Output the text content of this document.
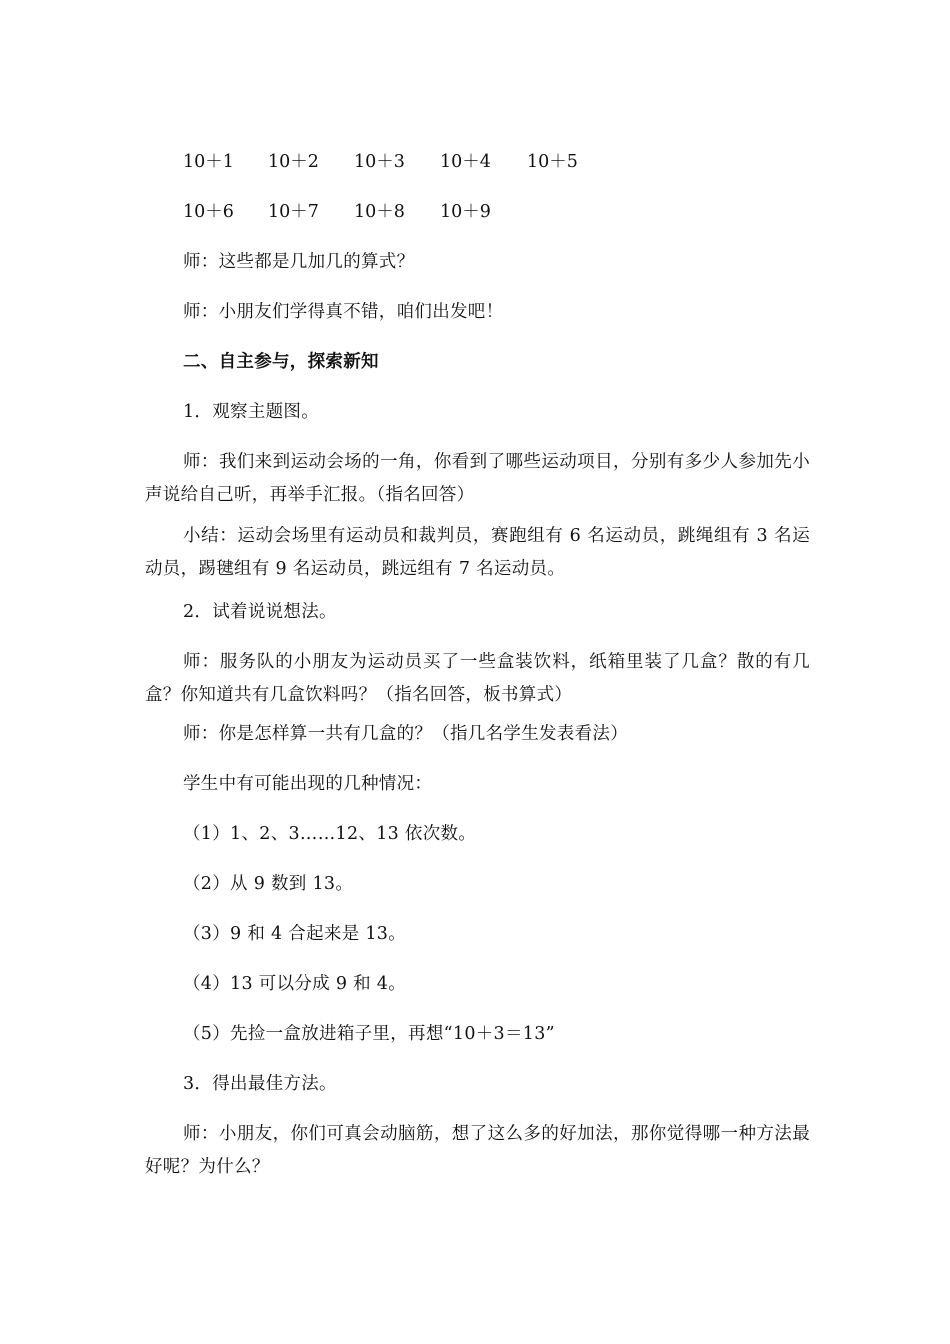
10＋1 10＋2 10＋3 10＋4 10＋5
10＋6 10＋7 10＋8 10＋9
师：这些都是几加几的算式？
师：小朋友们学得真不错，咱们出发吧！
二、自主参与，探索新知
1．观察主题图。
师：我们来到运动会场的一角，你看到了哪些运动项目，分别有多少人参加先小声说给自己听，再举手汇报。（指名回答）
小结：运动会场里有运动员和裁判员，赛跑组有 6 名运动员，跳绳组有 3 名运动员，踢毽组有 9 名运动员，跳远组有 7 名运动员。
2．试着说说想法。
师：服务队的小朋友为运动员买了一些盒装饮料，纸箱里装了几盒？散的有几盒？你知道共有几盒饮料吗？（指名回答，板书算式）
师：你是怎样算一共有几盒的？（指几名学生发表看法）
学生中有可能出现的几种情况：
（1）1、2、3……12、13 依次数。
（2）从 9 数到 13。
（3）9 和 4 合起来是 13。
（4）13 可以分成 9 和 4。
（5）先捡一盒放进箱子里，再想“10＋3＝13”
3．得出最佳方法。
师：小朋友，你们可真会动脑筋，想了这么多的好加法，那你觉得哪一种方法最好呢？为什么？
